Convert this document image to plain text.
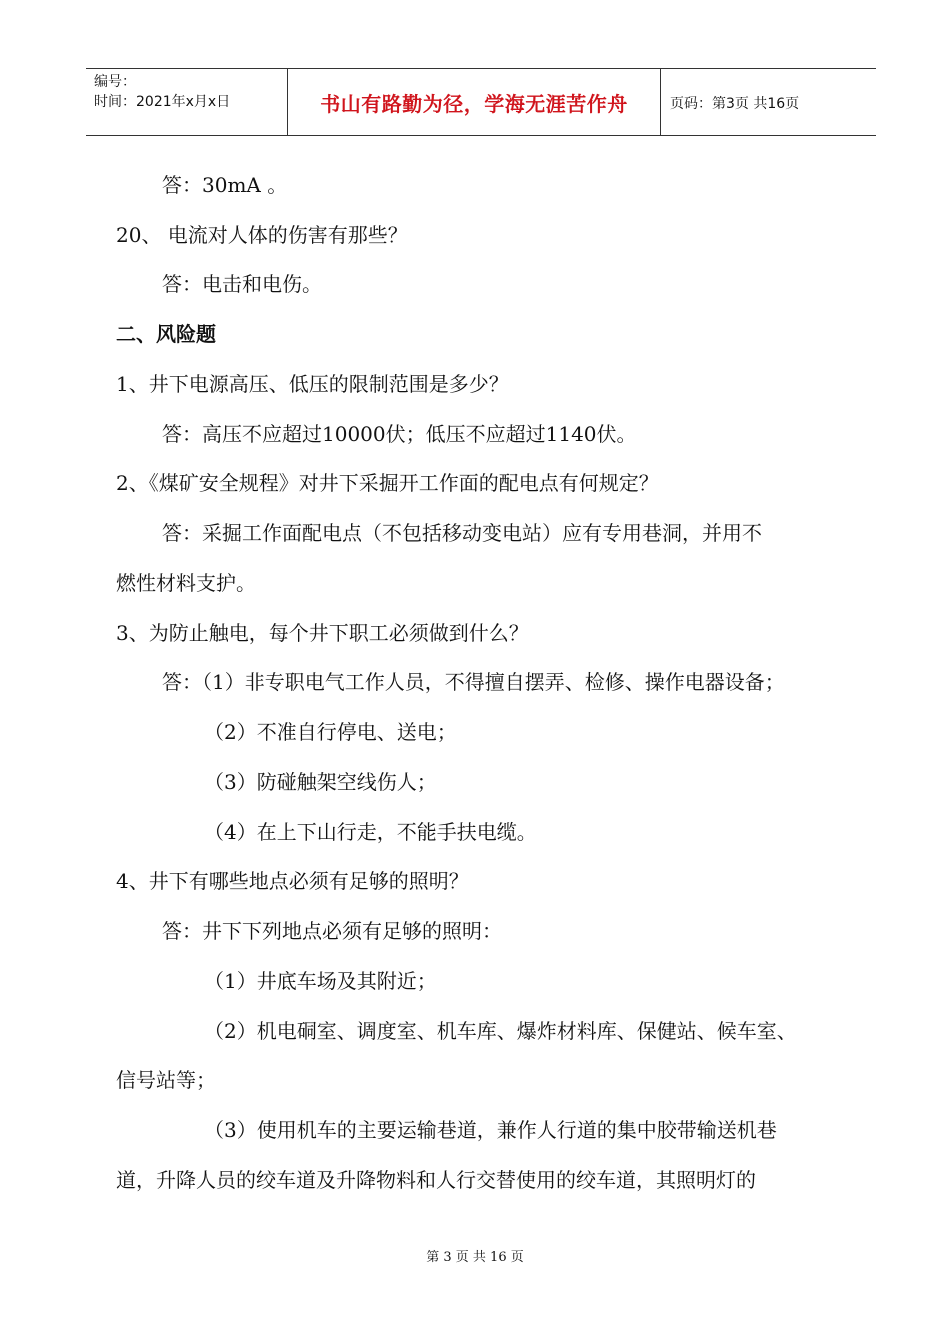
编号：
时间：2021年x月x日	书山有路勤为径，学海无涯苦作舟	页码：第3页 共16页
答：30mA 。
20、 电流对人体的伤害有那些？
答：电击和电伤。
二、风险题
1、井下电源高压、低压的限制范围是多少？
答：高压不应超过10000伏；低压不应超过1140伏。
2、《煤矿安全规程》对井下采掘开工作面的配电点有何规定？
答：采掘工作面配电点（不包括移动变电站）应有专用巷洞，并用不
燃性材料支护。
3、为防止触电，每个井下职工必须做到什么？
答：（1）非专职电气工作人员，不得擅自摆弄、检修、操作电器设备；
（2）不准自行停电、送电；
（3）防碰触架空线伤人；
（4）在上下山行走，不能手扶电缆。
4、井下有哪些地点必须有足够的照明？
答：井下下列地点必须有足够的照明：
（1）井底车场及其附近；
（2）机电硐室、调度室、机车库、爆炸材料库、保健站、候车室、
信号站等；
（3）使用机车的主要运输巷道，兼作人行道的集中胶带输送机巷
道，升降人员的绞车道及升降物料和人行交替使用的绞车道，其照明灯的
第 3 页 共 16 页
